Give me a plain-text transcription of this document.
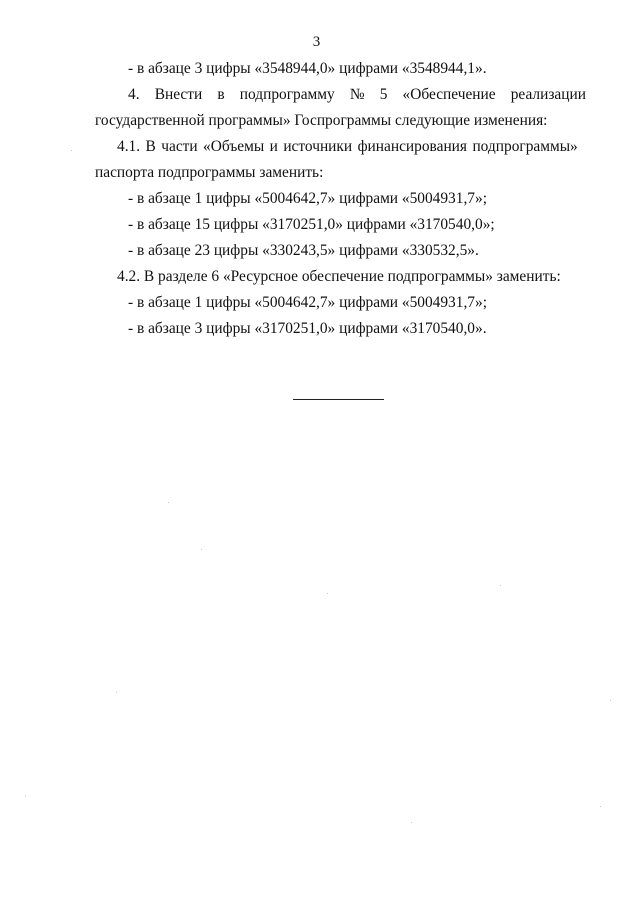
3
- в абзаце 3 цифры «3548944,0» цифрами «3548944,1».
4. Внести в подпрограмму № 5 «Обеспечение реализации
государственной программы» Госпрограммы следующие изменения:
4.1. В части «Объемы и источники финансирования подпрограммы»
паспорта подпрограммы заменить:
- в абзаце 1 цифры «5004642,7» цифрами «5004931,7»;
- в абзаце 15 цифры «3170251,0» цифрами «3170540,0»;
- в абзаце 23 цифры «330243,5» цифрами «330532,5».
4.2. В разделе 6 «Ресурсное обеспечение подпрограммы» заменить:
- в абзаце 1 цифры «5004642,7» цифрами «5004931,7»;
- в абзаце 3 цифры «3170251,0» цифрами «3170540,0».
